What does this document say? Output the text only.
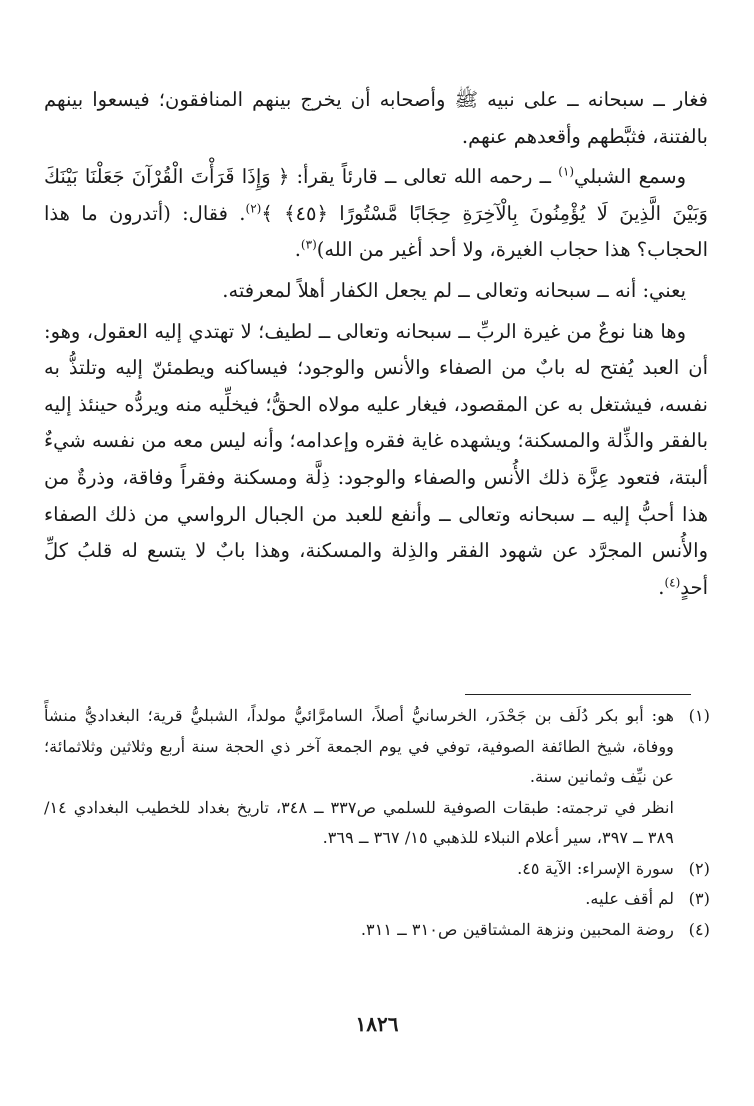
فغار ــ سبحانه ــ على نبيه ﷺ وأصحابه أن يخرج بينهم المنافقون؛ فيسعوا بينهم بالفتنة، فثبَّطهم وأقعدهم عنهم.

وسمع الشبلي$^{(١)}$ ــ رحمه الله تعالى ــ قارئاً يقرأ: ﴿ وَإِذَا قَرَأْتَ الْقُرْآنَ جَعَلْنَا بَيْنَكَ وَبَيْنَ الَّذِينَ لَا يُؤْمِنُونَ بِالْآخِرَةِ حِجَابًا مَّسْتُورًا ﴿٤٥﴾ ﴾$^{(٢)}$. فقال: (أتدرون ما هذا الحجاب؟ هذا حجاب الغيرة، ولا أحد أغير من الله)$^{(٣)}$.

يعني: أنه ــ سبحانه وتعالى ــ لم يجعل الكفار أهلاً لمعرفته.

وها هنا نوعٌ من غيرة الربِّ ــ سبحانه وتعالى ــ لطيف؛ لا تهتدي إليه العقول، وهو: أن العبد يُفتح له بابٌ من الصفاء والأنس والوجود؛ فيساكنه ويطمئنّ إليه وتلتذُّ به نفسه، فيشتغل به عن المقصود، فيغار عليه مولاه الحقُّ؛ فيخلِّيه منه ويردُّه حينئذ إليه بالفقر والذِّلة والمسكنة؛ ويشهده غاية فقره وإعدامه؛ وأنه ليس معه من نفسه شيءٌ ألبتة، فتعود عِزَّة ذلك الأُنس والصفاء والوجود: ذِلَّة ومسكنة وفقراً وفاقة، وذرةٌ من هذا أحبُّ إليه ــ سبحانه وتعالى ــ وأنفع للعبد من الجبال الرواسي من ذلك الصفاء والأُنس المجرَّد عن شهود الفقر والذِلة والمسكنة، وهذا بابٌ لا يتسع له قلبُ كلِّ أحدٍ$^{(٤)}$.

(١)

هو: أبو بكر دُلَف بن جَحْدَر، الخرسانيُّ أصلاً، السامرَّائيُّ مولداً، الشبليُّ قرية؛ البغداديُّ منشأً ووفاة، شيخ الطائفة الصوفية، توفي في يوم الجمعة آخر ذي الحجة سنة أربع وثلاثين وثلاثمائة؛ عن نيِّف وثمانين سنة.

انظر في ترجمته: طبقات الصوفية للسلمي ص٣٣٧ ــ ٣٤٨، تاريخ بغداد للخطيب البغدادي ١٤/ ٣٨٩ ــ ٣٩٧، سير أعلام النبلاء للذهبي ١٥/ ٣٦٧ ــ ٣٦٩.

(٢)

سورة الإسراء: الآية ٤٥.

(٣)

لم أقف عليه.

(٤)

روضة المحبين ونزهة المشتاقين ص٣١٠ ــ ٣١١.

١٨٢٦
